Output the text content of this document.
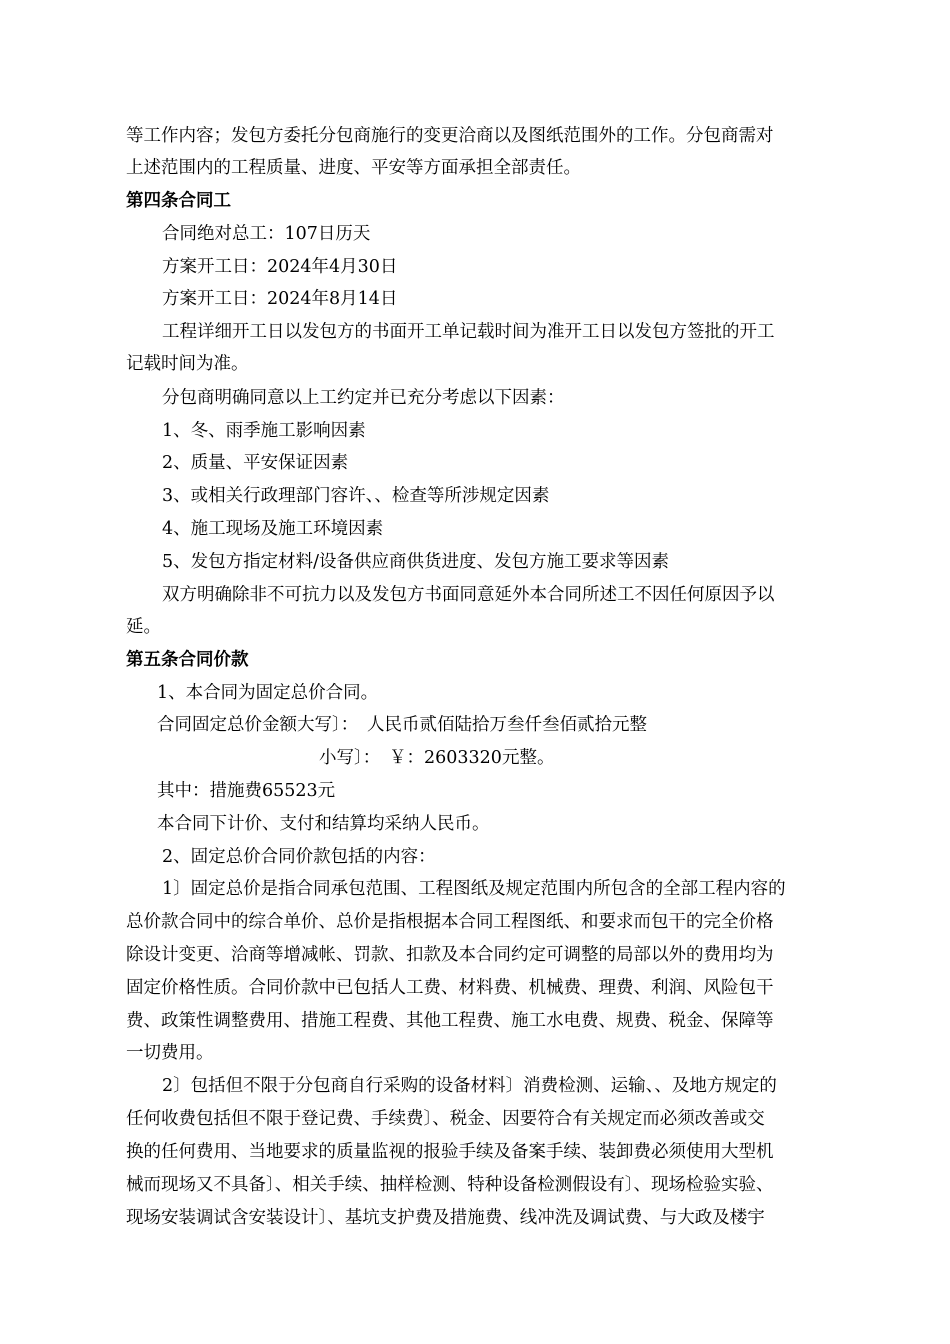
等工作内容；发包方委托分包商施行的变更洽商以及图纸范围外的工作。分包商需对
上述范围内的工程质量、进度、平安等方面承担全部责任。
第四条合同工
合同绝对总工：107日历天
方案开工日：2024年4月30日
方案开工日：2024年8月14日
工程详细开工日以发包方的书面开工单记载时间为准开工日以发包方签批的开工
记载时间为准。
分包商明确同意以上工约定并已充分考虑以下因素：
1、冬、雨季施工影响因素
2、质量、平安保证因素
3、或相关行政理部门容许、、检查等所涉规定因素
4、施工现场及施工环境因素
5、发包方指定材料/设备供应商供货进度、发包方施工要求等因素
双方明确除非不可抗力以及发包方书面同意延外本合同所述工不因任何原因予以
延。
第五条合同价款
1、本合同为固定总价合同。
合同固定总价金额大写〕：　人民币贰佰陆拾万叁仟叁佰贰拾元整
小写〕：　￥：2603320元整。
其中：措施费65523元
本合同下计价、支付和结算均采纳人民币。
2、固定总价合同价款包括的内容：
1〕固定总价是指合同承包范围、工程图纸及规定范围内所包含的全部工程内容的
总价款合同中的综合单价、总价是指根据本合同工程图纸、和要求而包干的完全价格
除设计变更、洽商等增减帐、罚款、扣款及本合同约定可调整的局部以外的费用均为
固定价格性质。合同价款中已包括人工费、材料费、机械费、理费、利润、风险包干
费、政策性调整费用、措施工程费、其他工程费、施工水电费、规费、税金、保障等
一切费用。
2〕包括但不限于分包商自行采购的设备材料〕消费检测、运输、、及地方规定的
任何收费包括但不限于登记费、手续费〕、税金、因要符合有关规定而必须改善或交
换的任何费用、当地要求的质量监视的报验手续及备案手续、装卸费必须使用大型机
械而现场又不具备〕、相关手续、抽样检测、特种设备检测假设有〕、现场检验实验、
现场安装调试含安装设计〕、基坑支护费及措施费、线冲洗及调试费、与大政及楼宇
